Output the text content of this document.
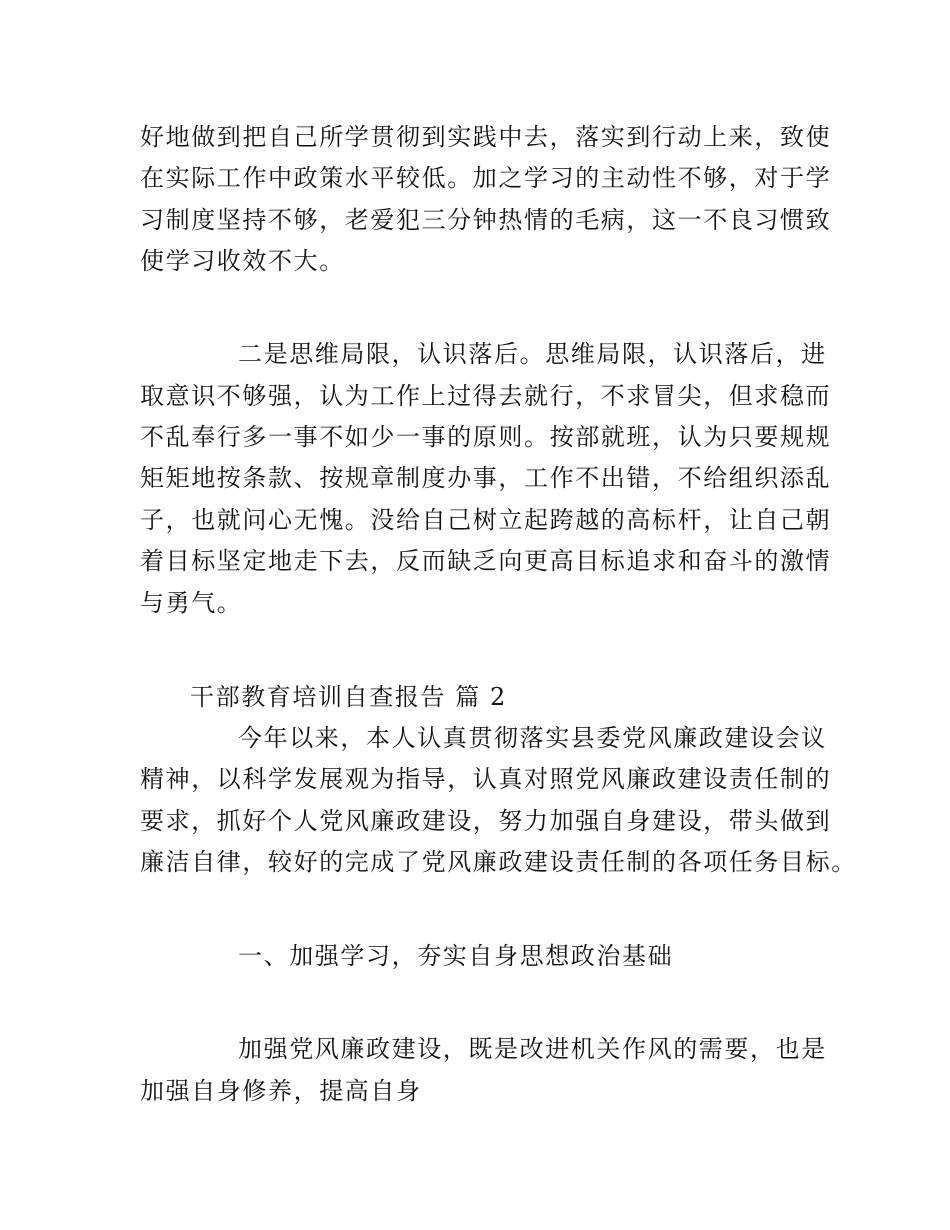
好地做到把自己所学贯彻到实践中去，落实到行动上来，致使
在实际工作中政策水平较低。加之学习的主动性不够，对于学
习制度坚持不够，老爱犯三分钟热情的毛病，这一不良习惯致
使学习收效不大。
二是思维局限，认识落后。思维局限，认识落后，进
取意识不够强，认为工作上过得去就行，不求冒尖，但求稳而
不乱奉行多一事不如少一事的原则。按部就班，认为只要规规
矩矩地按条款、按规章制度办事，工作不出错，不给组织添乱
子，也就问心无愧。没给自己树立起跨越的高标杆，让自己朝
着目标坚定地走下去，反而缺乏向更高目标追求和奋斗的激情
与勇气。
干部教育培训自查报告 篇 2
今年以来，本人认真贯彻落实县委党风廉政建设会议
精神，以科学发展观为指导，认真对照党风廉政建设责任制的
要求，抓好个人党风廉政建设，努力加强自身建设，带头做到
廉洁自律，较好的完成了党风廉政建设责任制的各项任务目标。
一、加强学习，夯实自身思想政治基础
加强党风廉政建设，既是改进机关作风的需要，也是
加强自身修养，提高自身
